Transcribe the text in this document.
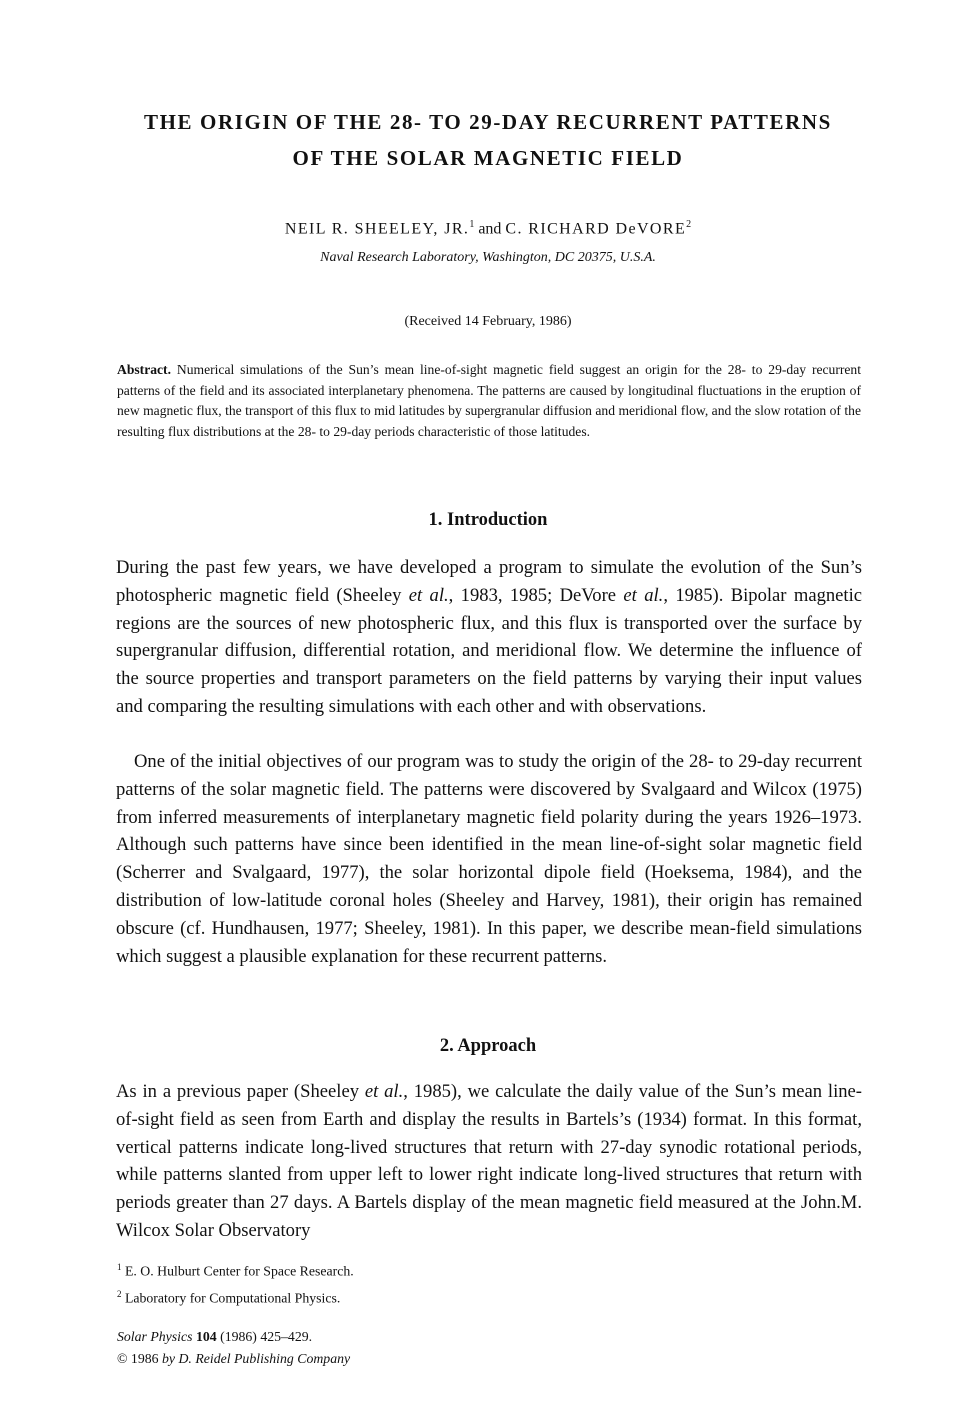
THE ORIGIN OF THE 28- TO 29-DAY RECURRENT PATTERNS
OF THE SOLAR MAGNETIC FIELD
NEIL R. SHEELEY, JR.$^1$ and C. RICHARD DeVORE$^2$
Naval Research Laboratory, Washington, DC 20375, U.S.A.
(Received 14 February, 1986)

Abstract. Numerical simulations of the Sun’s mean line-of-sight magnetic field suggest an origin for the 28- to 29-day recurrent patterns of the field and its associated interplanetary phenomena. The patterns are caused by longitudinal fluctuations in the eruption of new magnetic flux, the transport of this flux to mid latitudes by supergranular diffusion and meridional flow, and the slow rotation of the resulting flux distributions at the 28- to 29-day periods characteristic of those latitudes.

1. Introduction

During the past few years, we have developed a program to simulate the evolution of the Sun’s photospheric magnetic field (Sheeley et al., 1983, 1985; DeVore et al., 1985). Bipolar magnetic regions are the sources of new photospheric flux, and this flux is transported over the surface by supergranular diffusion, differential rotation, and meridional flow. We determine the influence of the source properties and transport parameters on the field patterns by varying their input values and comparing the resulting simulations with each other and with observations.

One of the initial objectives of our program was to study the origin of the 28- to 29-day recurrent patterns of the solar magnetic field. The patterns were discovered by Svalgaard and Wilcox (1975) from inferred measurements of interplanetary magnetic field polarity during the years 1926–1973. Although such patterns have since been identified in the mean line-of-sight solar magnetic field (Scherrer and Svalgaard, 1977), the solar horizontal dipole field (Hoeksema, 1984), and the distribution of low-latitude coronal holes (Sheeley and Harvey, 1981), their origin has remained obscure (cf. Hundhausen, 1977; Sheeley, 1981). In this paper, we describe mean-field simulations which suggest a plausible explanation for these recurrent patterns.

2. Approach

As in a previous paper (Sheeley et al., 1985), we calculate the daily value of the Sun’s mean line-of-sight field as seen from Earth and display the results in Bartels’s (1934) format. In this format, vertical patterns indicate long-lived structures that return with 27-day synodic rotational periods, while patterns slanted from upper left to lower right indicate long-lived structures that return with periods greater than 27 days. A Bartels display of the mean magnetic field measured at the John.M. Wilcox Solar Observatory

$^1$ E. O. Hulburt Center for Space Research.
$^2$ Laboratory for Computational Physics.
Solar Physics 104 (1986) 425–429.
© 1986 by D. Reidel Publishing Company
